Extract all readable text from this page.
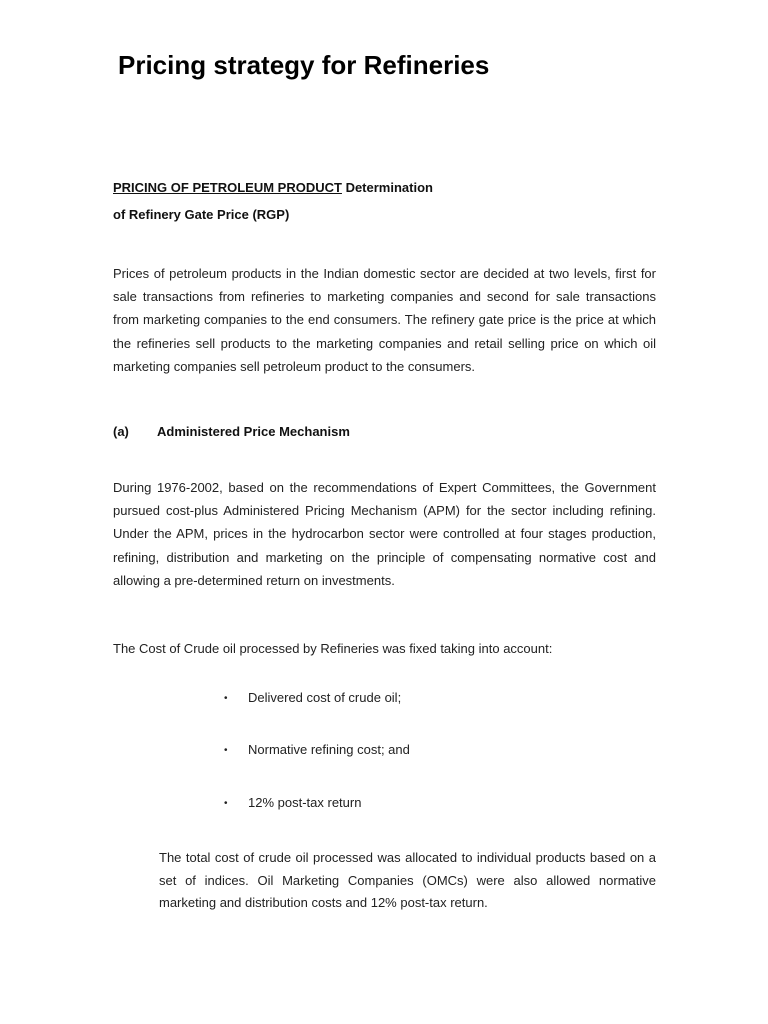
Pricing strategy for Refineries

PRICING OF PETROLEUM PRODUCT Determination

of Refinery Gate Price (RGP)

Prices of petroleum products in the Indian domestic sector are decided at two levels, first for sale transactions from refineries to marketing companies and second for sale transactions from marketing companies to the end consumers. The refinery gate price is the price at which the refineries sell products to the marketing companies and retail selling price on which oil marketing companies sell petroleum product to the consumers.

(a) Administered Price Mechanism

During 1976-2002, based on the recommendations of Expert Committees, the Government pursued cost-plus Administered Pricing Mechanism (APM) for the sector including refining. Under the APM, prices in the hydrocarbon sector were controlled at four stages production, refining, distribution and marketing on the principle of compensating normative cost and allowing a pre-determined return on investments.

The Cost of Crude oil processed by Refineries was fixed taking into account:

• Delivered cost of crude oil;

• Normative refining cost; and

• 12% post-tax return

The total cost of crude oil processed was allocated to individual products based on a set of indices. Oil Marketing Companies (OMCs) were also allowed normative marketing and distribution costs and 12% post-tax return.
